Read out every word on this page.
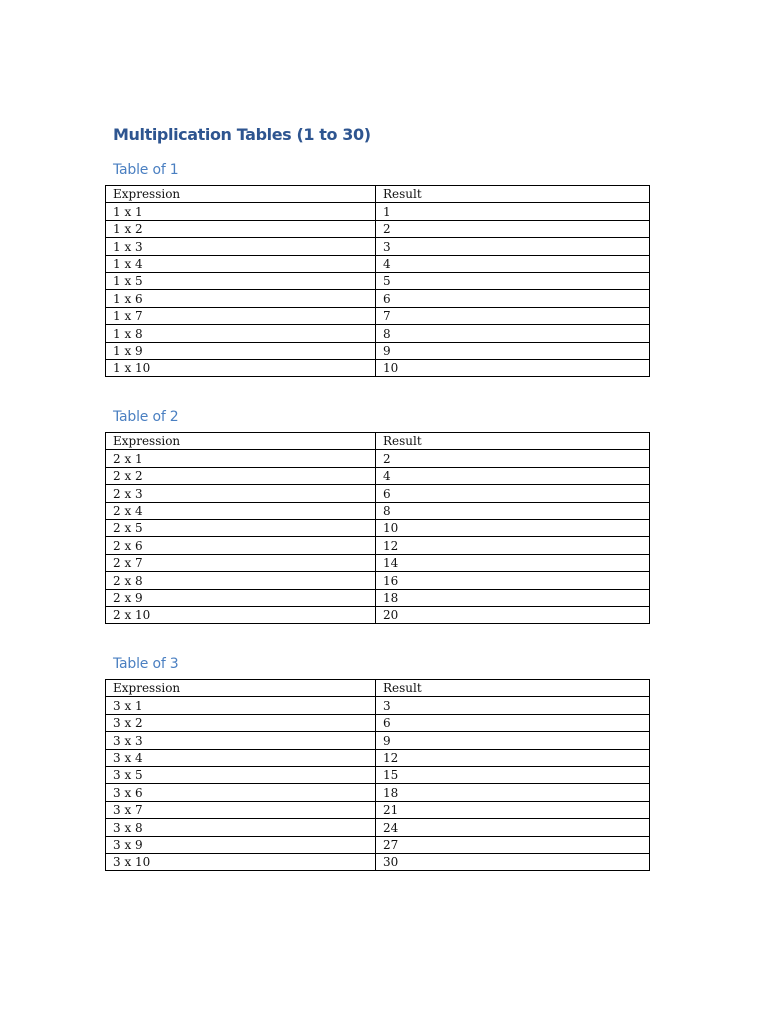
Multiplication Tables (1 to 30)
Table of 1
Expression	Result
1 x 1	1
1 x 2	2
1 x 3	3
1 x 4	4
1 x 5	5
1 x 6	6
1 x 7	7
1 x 8	8
1 x 9	9
1 x 10	10
Table of 2
Expression	Result
2 x 1	2
2 x 2	4
2 x 3	6
2 x 4	8
2 x 5	10
2 x 6	12
2 x 7	14
2 x 8	16
2 x 9	18
2 x 10	20
Table of 3
Expression	Result
3 x 1	3
3 x 2	6
3 x 3	9
3 x 4	12
3 x 5	15
3 x 6	18
3 x 7	21
3 x 8	24
3 x 9	27
3 x 10	30
